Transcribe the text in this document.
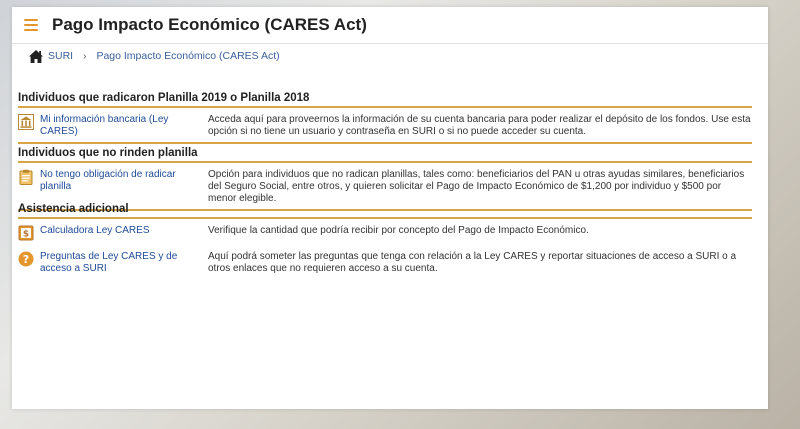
Pago Impacto Económico (CARES Act)
SURI › Pago Impacto Económico (CARES Act)
Individuos que radicaron Planilla 2019 o Planilla 2018
Mi información bancaria (Ley CARES)
Acceda aquí para proveernos la información de su cuenta bancaria para poder realizar el depósito de los fondos. Use esta opción si no tiene un usuario y contraseña en SURI o si no puede acceder su cuenta.
Individuos que no rinden planilla
No tengo obligación de radicar planilla
Opción para individuos que no radican planillas, tales como: beneficiarios del PAN u otras ayudas similares, beneficiarios del Seguro Social, entre otros, y quieren solicitar el Pago de Impacto Económico de $1,200 por individuo y $500 por menor elegible.
Asistencia adicional
$ Calculadora Ley CARES	Verifique la cantidad que podría recibir por concepto del Pago de Impacto Económico.
? Preguntas de Ley CARES y de acceso a SURI
Aquí podrá someter las preguntas que tenga con relación a la Ley CARES y reportar situaciones de acceso a SURI o a otros enlaces que no requieren acceso a su cuenta.
